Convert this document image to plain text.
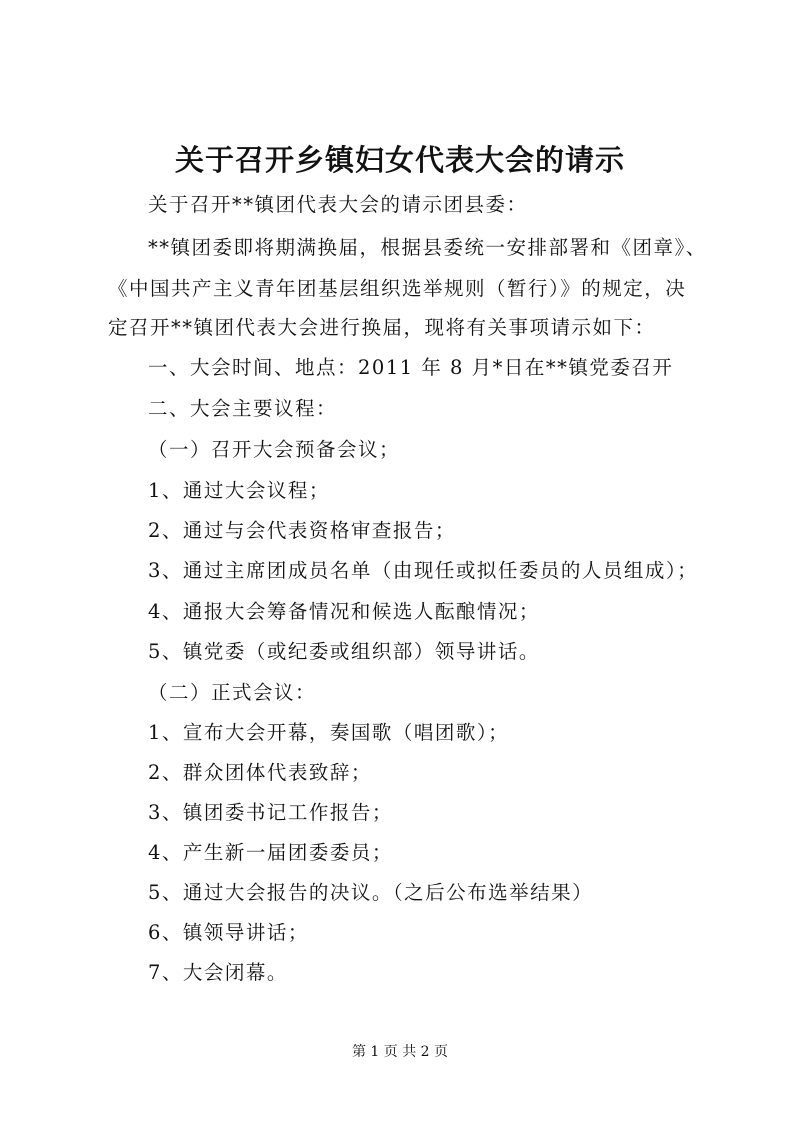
关于召开乡镇妇女代表大会的请示
关于召开**镇团代表大会的请示团县委：
**镇团委即将期满换届，根据县委统一安排部署和《团章》、
《中国共产主义青年团基层组织选举规则（暂行）》的规定，决
定召开**镇团代表大会进行换届，现将有关事项请示如下：
一、大会时间、地点：2011 年 8 月*日在**镇党委召开
二、大会主要议程：
（一）召开大会预备会议；
1、通过大会议程；
2、通过与会代表资格审查报告；
3、通过主席团成员名单（由现任或拟任委员的人员组成）；
4、通报大会筹备情况和候选人酝酿情况；
5、镇党委（或纪委或组织部）领导讲话。
（二）正式会议：
1、宣布大会开幕，奏国歌（唱团歌）；
2、群众团体代表致辞；
3、镇团委书记工作报告；
4、产生新一届团委委员；
5、通过大会报告的决议。（之后公布选举结果）
6、镇领导讲话；
7、大会闭幕。
第 1 页 共 2 页
